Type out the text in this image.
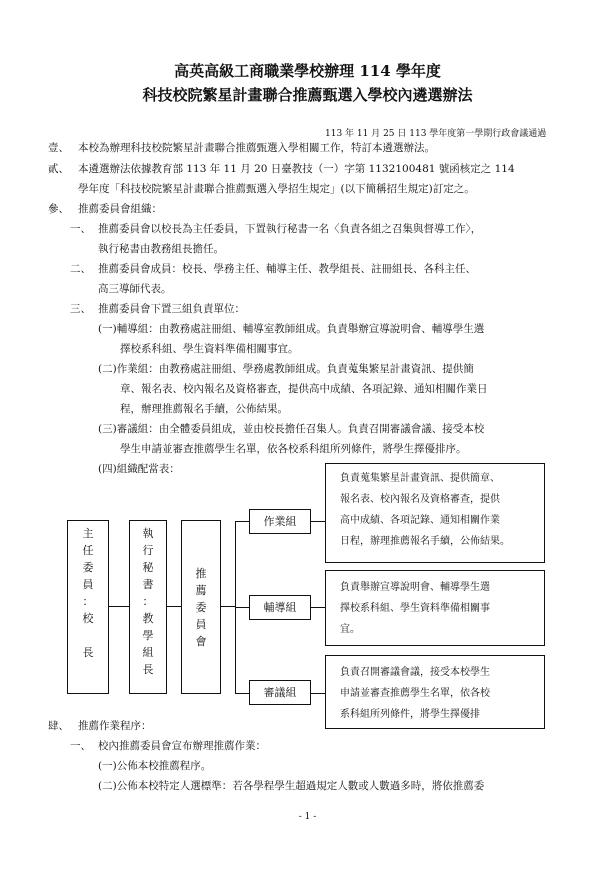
高英高級工商職業學校辦理 114 學年度
科技校院繁星計畫聯合推薦甄選入學校內遴選辦法
113 年 11 月 25 日 113 學年度第一學期行政會議通過
壹、 本校為辦理科技校院繁星計畫聯合推薦甄選入學相關工作，特訂本遴選辦法。
貳、 本遴選辦法依據教育部 113 年 11 月 20 日臺教技（一）字第 1132100481 號函核定之 114
學年度「科技校院繁星計畫聯合推薦甄選入學招生規定」(以下簡稱招生規定)訂定之。
參、 推薦委員會組織：
一、 推薦委員會以校長為主任委員，下置執行秘書一名〈負責各組之召集與督導工作〉，
執行秘書由教務組長擔任。
二、 推薦委員會成員：校長、學務主任、輔導主任、教學組長、註冊組長、各科主任、
高三導師代表。
三、 推薦委員會下置三組負責單位：
(一)輔導組：由教務處註冊組、輔導室教師組成。負責舉辦宣導說明會、輔導學生選
擇校系科組、學生資料準備相關事宜。
(二)作業組：由教務處註冊組、學務處教師組成。負責蒐集繁星計畫資訊、提供簡
章、報名表、校內報名及資格審查，提供高中成績、各項記錄、通知相關作業日
程，辦理推薦報名手續，公佈結果。
(三)審議組：由全體委員組成，並由校長擔任召集人。負責召開審議會議、接受本校
學生申請並審查推薦學生名單，依各校系科組所列條件，將學生擇優排序。
(四)組織配當表：
主
任
委
員
：
校
長
執
行
秘
書
：
教
學
組
長
推
薦
委
員
會
作業組
輔導組
審議組
負責蒐集繁星計畫資訊、提供簡章、
報名表、校內報名及資格審查，提供
高中成績、各項記錄、通知相關作業
日程，辦理推薦報名手續，公佈結果。
負責舉辦宣導說明會、輔導學生選
擇校系科組、學生資料準備相關事
宜。
負責召開審議會議，接受本校學生
申請並審查推薦學生名單，依各校
系科組所列條件，將學生擇優排
肆、 推薦作業程序：
一、 校內推薦委員會宣布辦理推薦作業：
(一)公佈本校推薦程序。
(二)公佈本校特定人選標準：若各學程學生超過規定人數或人數過多時，將依推薦委
- 1 -
